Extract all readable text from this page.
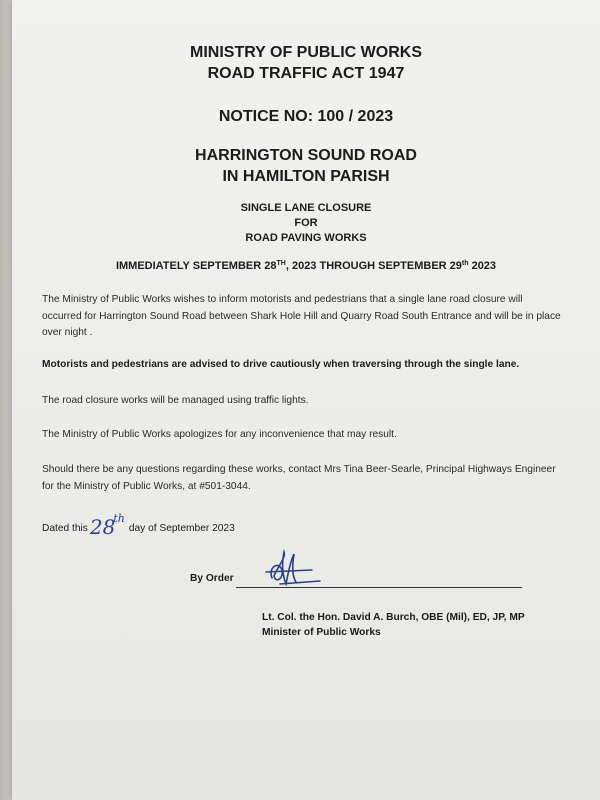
MINISTRY OF PUBLIC WORKS
ROAD TRAFFIC ACT 1947
NOTICE NO: 100 / 2023
HARRINGTON SOUND ROAD
IN HAMILTON PARISH
SINGLE LANE CLOSURE
FOR
ROAD PAVING WORKS
IMMEDIATELY SEPTEMBER 28TH, 2023 THROUGH SEPTEMBER 29th 2023
The Ministry of Public Works wishes to inform motorists and pedestrians that a single lane road closure will occurred for Harrington Sound Road between Shark Hole Hill and Quarry Road South Entrance and will be in place over night .
Motorists and pedestrians are advised to drive cautiously when traversing through the single lane.
The road closure works will be managed using traffic lights.
The Ministry of Public Works apologizes for any inconvenience that may result.
Should there be any questions regarding these works, contact Mrs Tina Beer-Searle, Principal Highways Engineer for the Ministry of Public Works, at #501-3044.
Dated this 28thday of September 2023
By Order
Lt. Col. the Hon. David A. Burch, OBE (Mil), ED, JP, MP
Minister of Public Works
